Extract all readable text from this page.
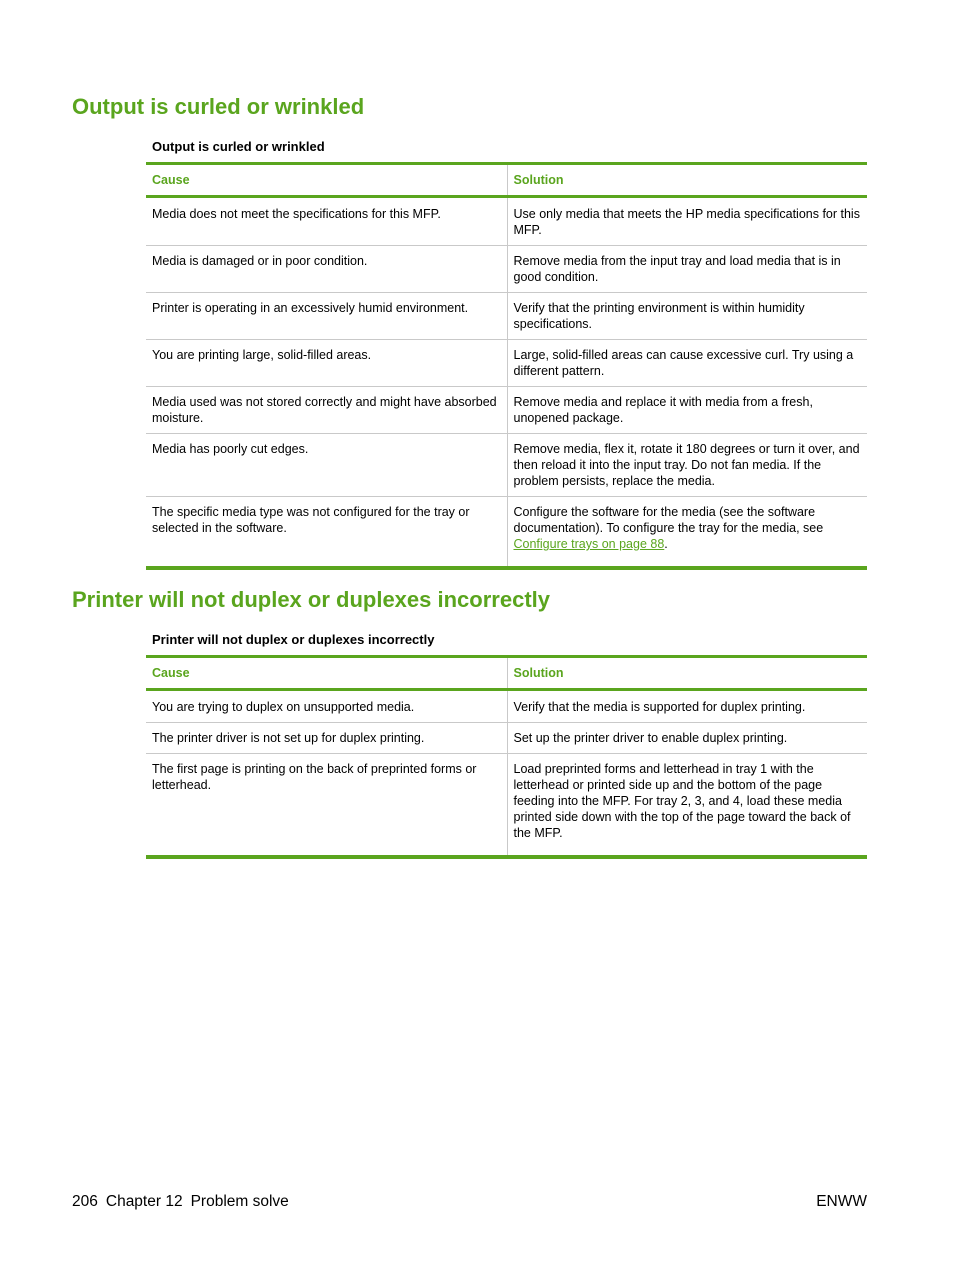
Output is curled or wrinkled
Output is curled or wrinkled
Cause	Solution
Media does not meet the specifications for this MFP.	Use only media that meets the HP media specifications for this MFP.
Media is damaged or in poor condition.	Remove media from the input tray and load media that is in good condition.
Printer is operating in an excessively humid environment.	Verify that the printing environment is within humidity specifications.
You are printing large, solid-filled areas.	Large, solid-filled areas can cause excessive curl. Try using a different pattern.
Media used was not stored correctly and might have absorbed moisture.	Remove media and replace it with media from a fresh, unopened package.
Media has poorly cut edges.	Remove media, flex it, rotate it 180 degrees or turn it over, and then reload it into the input tray. Do not fan media. If the problem persists, replace the media.
The specific media type was not configured for the tray or selected in the software.	Configure the software for the media (see the software documentation). To configure the tray for the media, see Configure trays on page 88.
Printer will not duplex or duplexes incorrectly
Printer will not duplex or duplexes incorrectly
Cause	Solution
You are trying to duplex on unsupported media.	Verify that the media is supported for duplex printing.
The printer driver is not set up for duplex printing.	Set up the printer driver to enable duplex printing.
The first page is printing on the back of preprinted forms or letterhead.	Load preprinted forms and letterhead in tray 1 with the letterhead or printed side up and the bottom of the page feeding into the MFP. For tray 2, 3, and 4, load these media printed side down with the top of the page toward the back of the MFP.
206 Chapter 12 Problem solve	ENWW
